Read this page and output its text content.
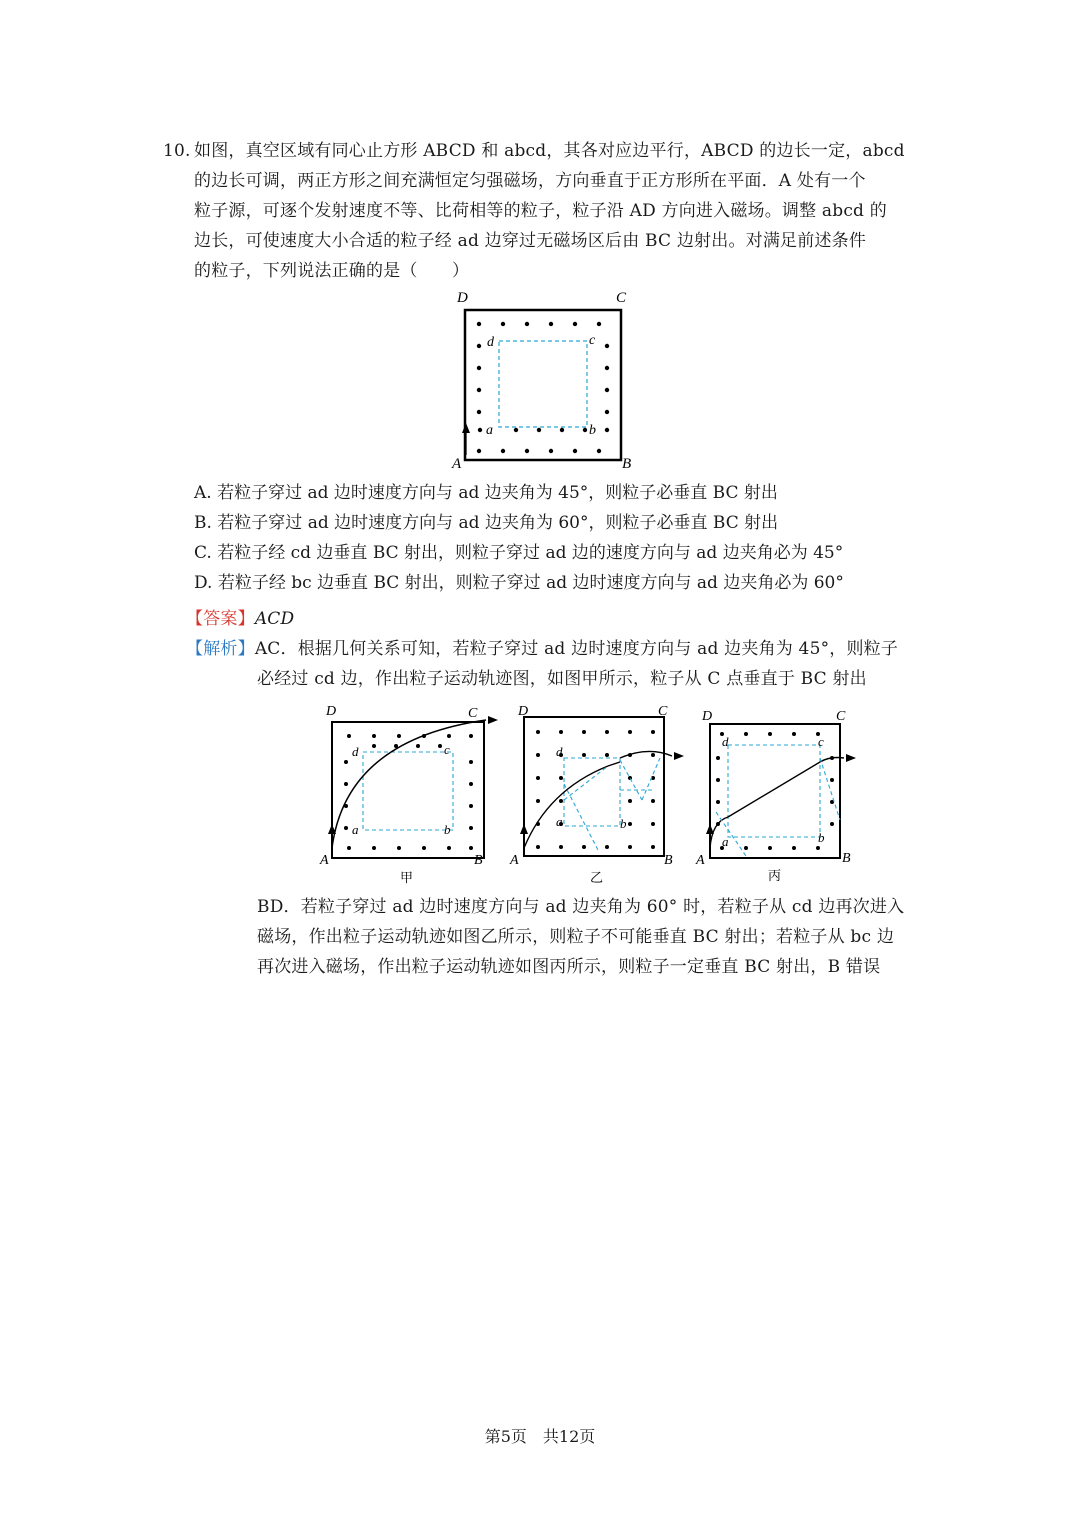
10. 如图，真空区域有同心止方形 ABCD 和 abcd，其各对应边平行，ABCD 的边长一定，abcd
的边长可调，两正方形之间充满恒定匀强磁场，方向垂直于正方形所在平面．A 处有一个
粒子源，可逐个发射速度不等、比荷相等的粒子，粒子沿 AD 方向进入磁场。调整 abcd 的
边长，可使速度大小合适的粒子经 ad 边穿过无磁场区后由 BC 边射出。对满足前述条件
的粒子，下列说法正确的是（　　）
D	C
A	B
d	c
a	b
A. 若粒子穿过 ad 边时速度方向与 ad 边夹角为 45°，则粒子必垂直 BC 射出
B. 若粒子穿过 ad 边时速度方向与 ad 边夹角为 60°，则粒子必垂直 BC 射出
C. 若粒子经 cd 边垂直 BC 射出，则粒子穿过 ad 边的速度方向与 ad 边夹角必为 45°
D. 若粒子经 bc 边垂直 BC 射出，则粒子穿过 ad 边时速度方向与 ad 边夹角必为 60°
【答案】ACD
【解析】AC．根据几何关系可知，若粒子穿过 ad 边时速度方向与 ad 边夹角为 45°，则粒子
必经过 cd 边，作出粒子运动轨迹图，如图甲所示，粒子从 C 点垂直于 BC 射出
D	C
A	B
d	c
a	b
甲
D	C
A	B
d
a	b
乙
D	C
A	B
d	c
a	b
丙
BD．若粒子穿过 ad 边时速度方向与 ad 边夹角为 60° 时，若粒子从 cd 边再次进入
磁场，作出粒子运动轨迹如图乙所示，则粒子不可能垂直 BC 射出；若粒子从 bc 边
再次进入磁场，作出粒子运动轨迹如图丙所示，则粒子一定垂直 BC 射出，B 错误
第5页　共12页
